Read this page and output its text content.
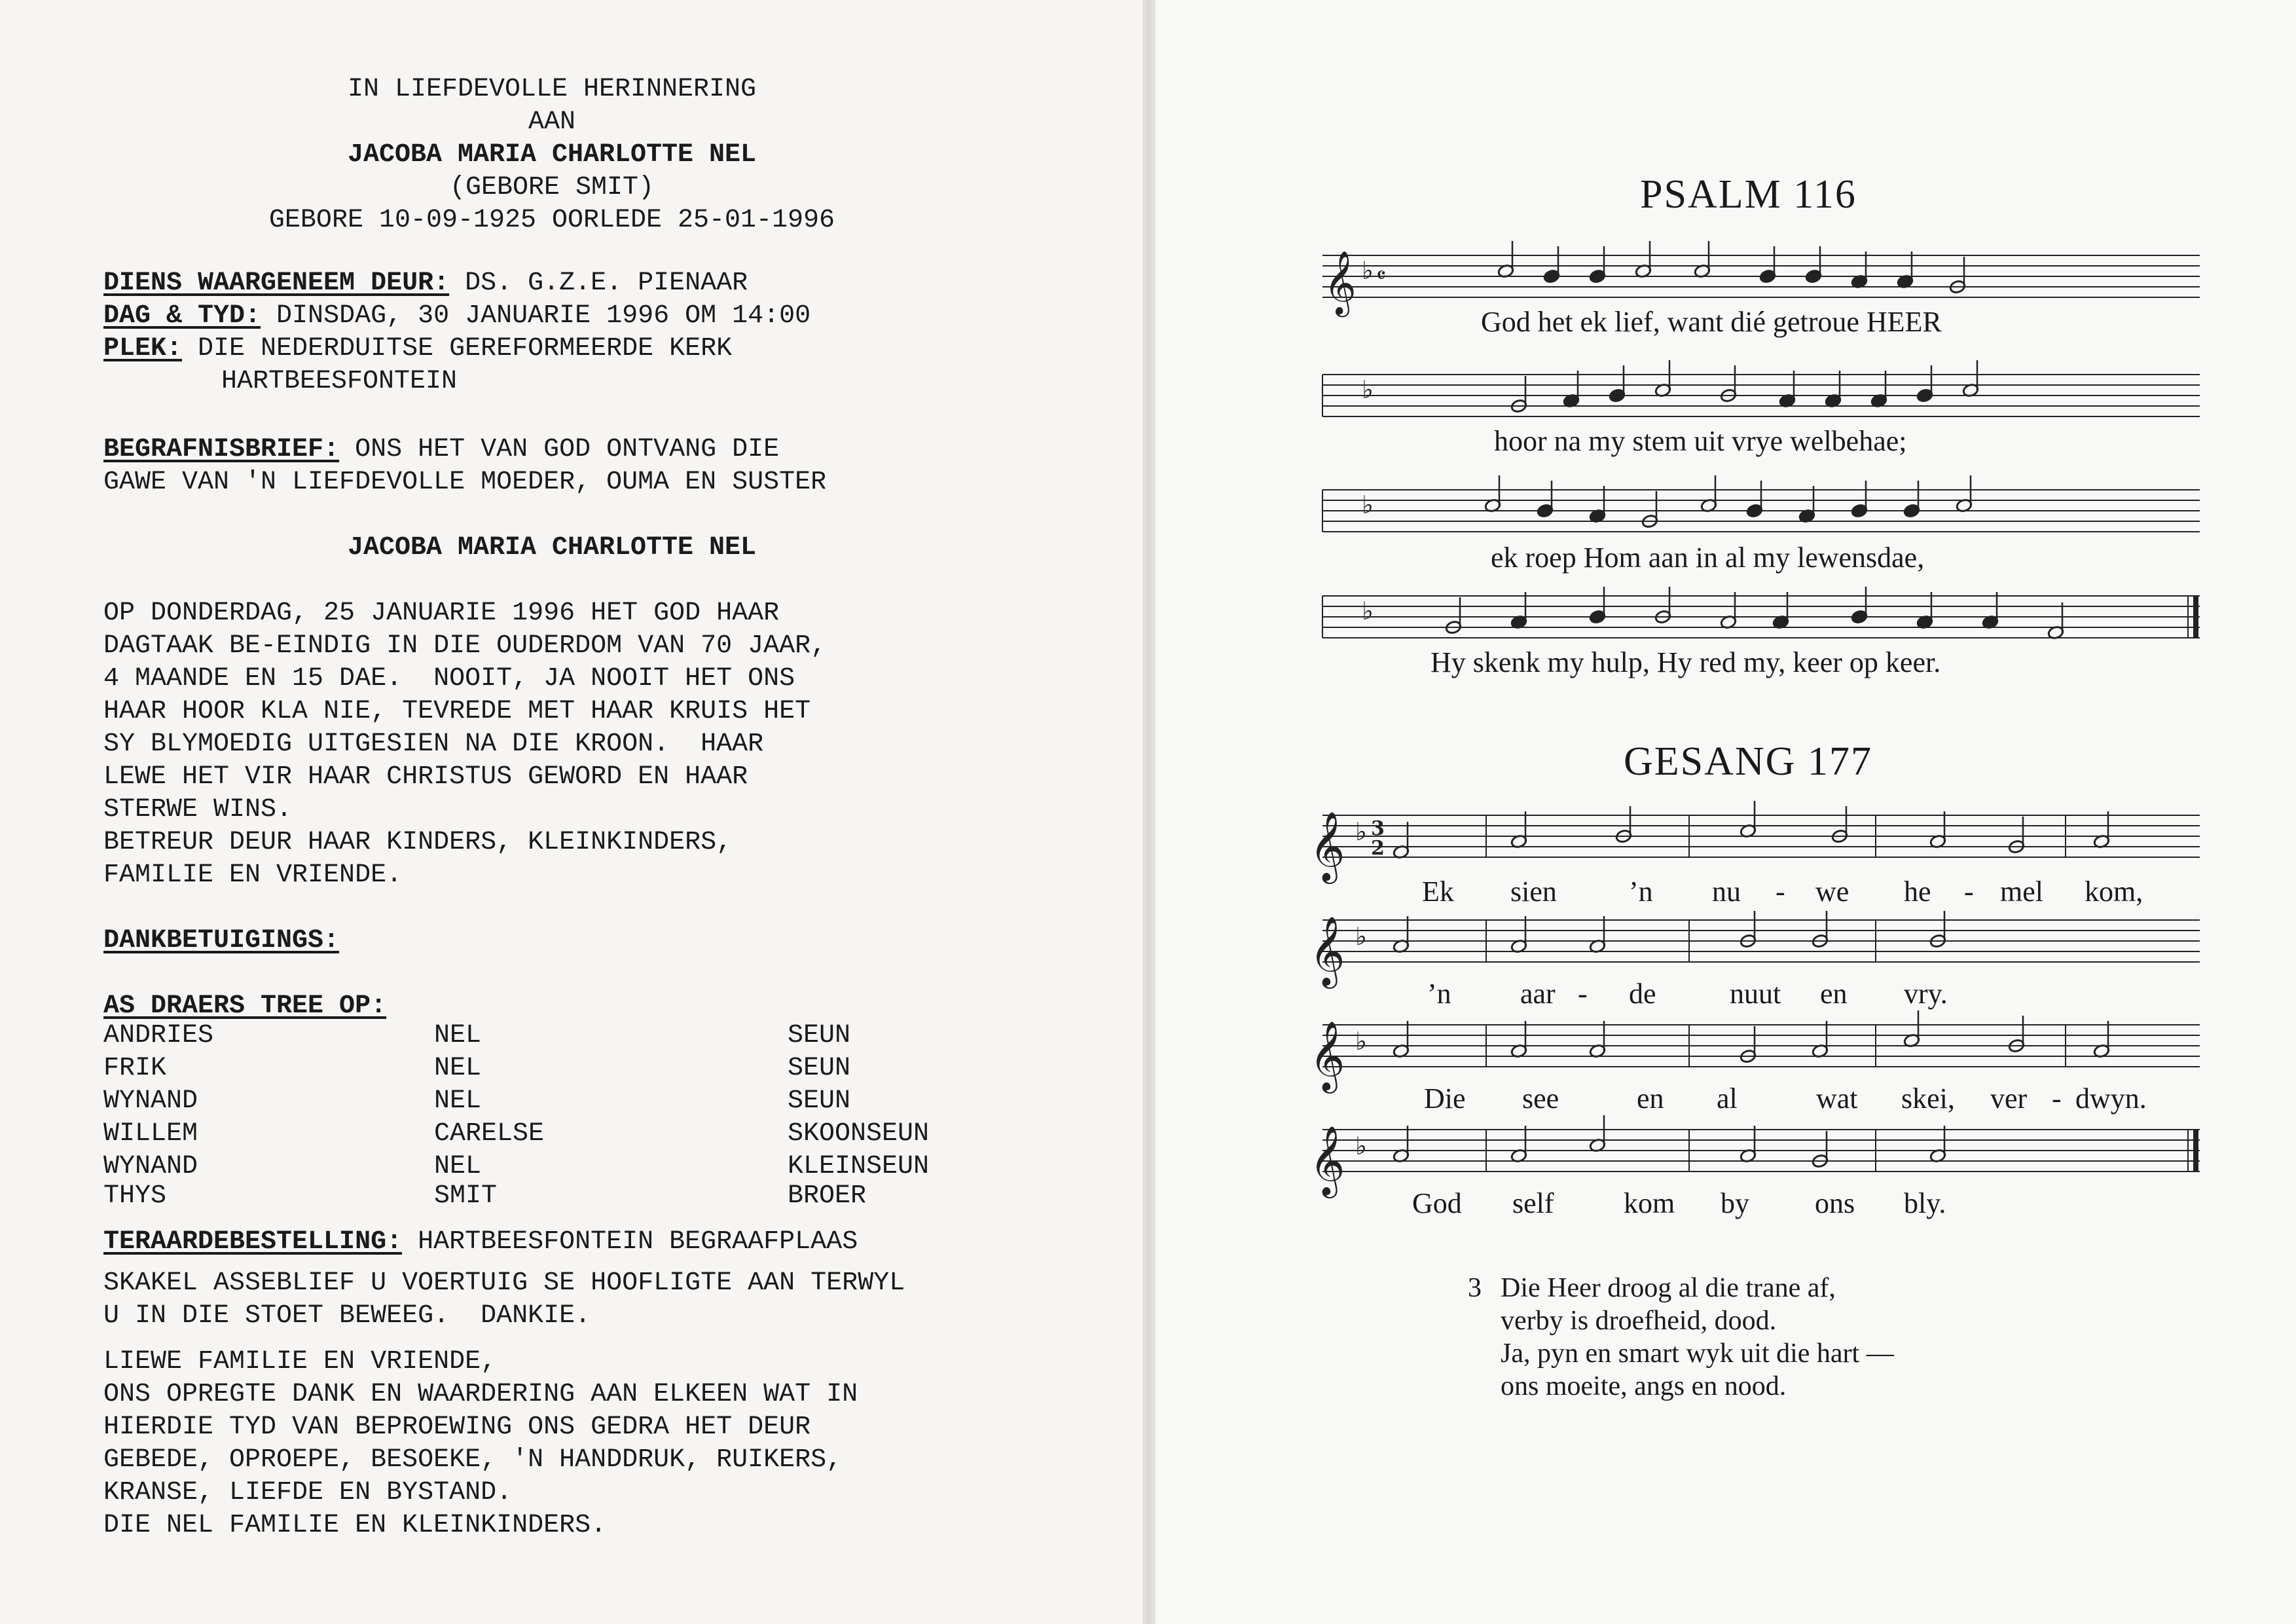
IN LIEFDEVOLLE HERINNERING
AAN
JACOBA MARIA CHARLOTTE NEL
(GEBORE SMIT)
GEBORE 10-09-1925 OORLEDE 25-01-1996
DIENS WAARGENEEM DEUR: DS. G.Z.E. PIENAAR
DAG & TYD: DINSDAG, 30 JANUARIE 1996 OM 14:00
PLEK: DIE NEDERDUITSE GEREFORMEERDE KERK
HARTBEESFONTEIN
BEGRAFNISBRIEF: ONS HET VAN GOD ONTVANG DIE
GAWE VAN 'N LIEFDEVOLLE MOEDER, OUMA EN SUSTER
JACOBA MARIA CHARLOTTE NEL
OP DONDERDAG, 25 JANUARIE 1996 HET GOD HAAR
DAGTAAK BE-EINDIG IN DIE OUDERDOM VAN 70 JAAR,
4 MAANDE EN 15 DAE.  NOOIT, JA NOOIT HET ONS
HAAR HOOR KLA NIE, TEVREDE MET HAAR KRUIS HET
SY BLYMOEDIG UITGESIEN NA DIE KROON.  HAAR
LEWE HET VIR HAAR CHRISTUS GEWORD EN HAAR
STERWE WINS.
BETREUR DEUR HAAR KINDERS, KLEINKINDERS,
FAMILIE EN VRIENDE.
DANKBETUIGINGS:
AS DRAERS TREE OP:
ANDRIES	NEL	SEUN
FRIK	NEL	SEUN
WYNAND	NEL	SEUN
WILLEM	CARELSE	SKOONSEUN
WYNAND	NEL	KLEINSEUN
THYS	SMIT	BROER
TERAARDEBESTELLING: HARTBEESFONTEIN BEGRAAFPLAAS
SKAKEL ASSEBLIEF U VOERTUIG SE HOOFLIGTE AAN TERWYL
U IN DIE STOET BEWEEG.  DANKIE.
LIEWE FAMILIE EN VRIENDE,
ONS OPREGTE DANK EN WAARDERING AAN ELKEEN WAT IN
HIERDIE TYD VAN BEPROEWING ONS GEDRA HET DEUR
GEBEDE, OPROEPE, BESOEKE, 'N HANDDRUK, RUIKERS,
KRANSE, LIEFDE EN BYSTAND.
DIE NEL FAMILIE EN KLEINKINDERS.
PSALM 116
𝄞 ♭ 𝄴
God het ek lief, want dié getroue HEER
♭
hoor na my stem uit vrye welbehae;
♭
ek roep Hom aan in al my lewensdae,
♭
Hy skenk my hulp, Hy red my, keer op keer.
GESANG 177
𝄞 ♭ 3
2
Ek sien	’n nu - we he - mel kom,
𝄞 ♭
’n aar - de	nuut en vry.
𝄞 ♭
Die see	en al	wat skei, ver - dwyn.
𝄞 ♭
God self kom by ons bly.
3 Die Heer droog al die trane af,
verby is droefheid, dood.
Ja, pyn en smart wyk uit die hart —
ons moeite, angs en nood.
